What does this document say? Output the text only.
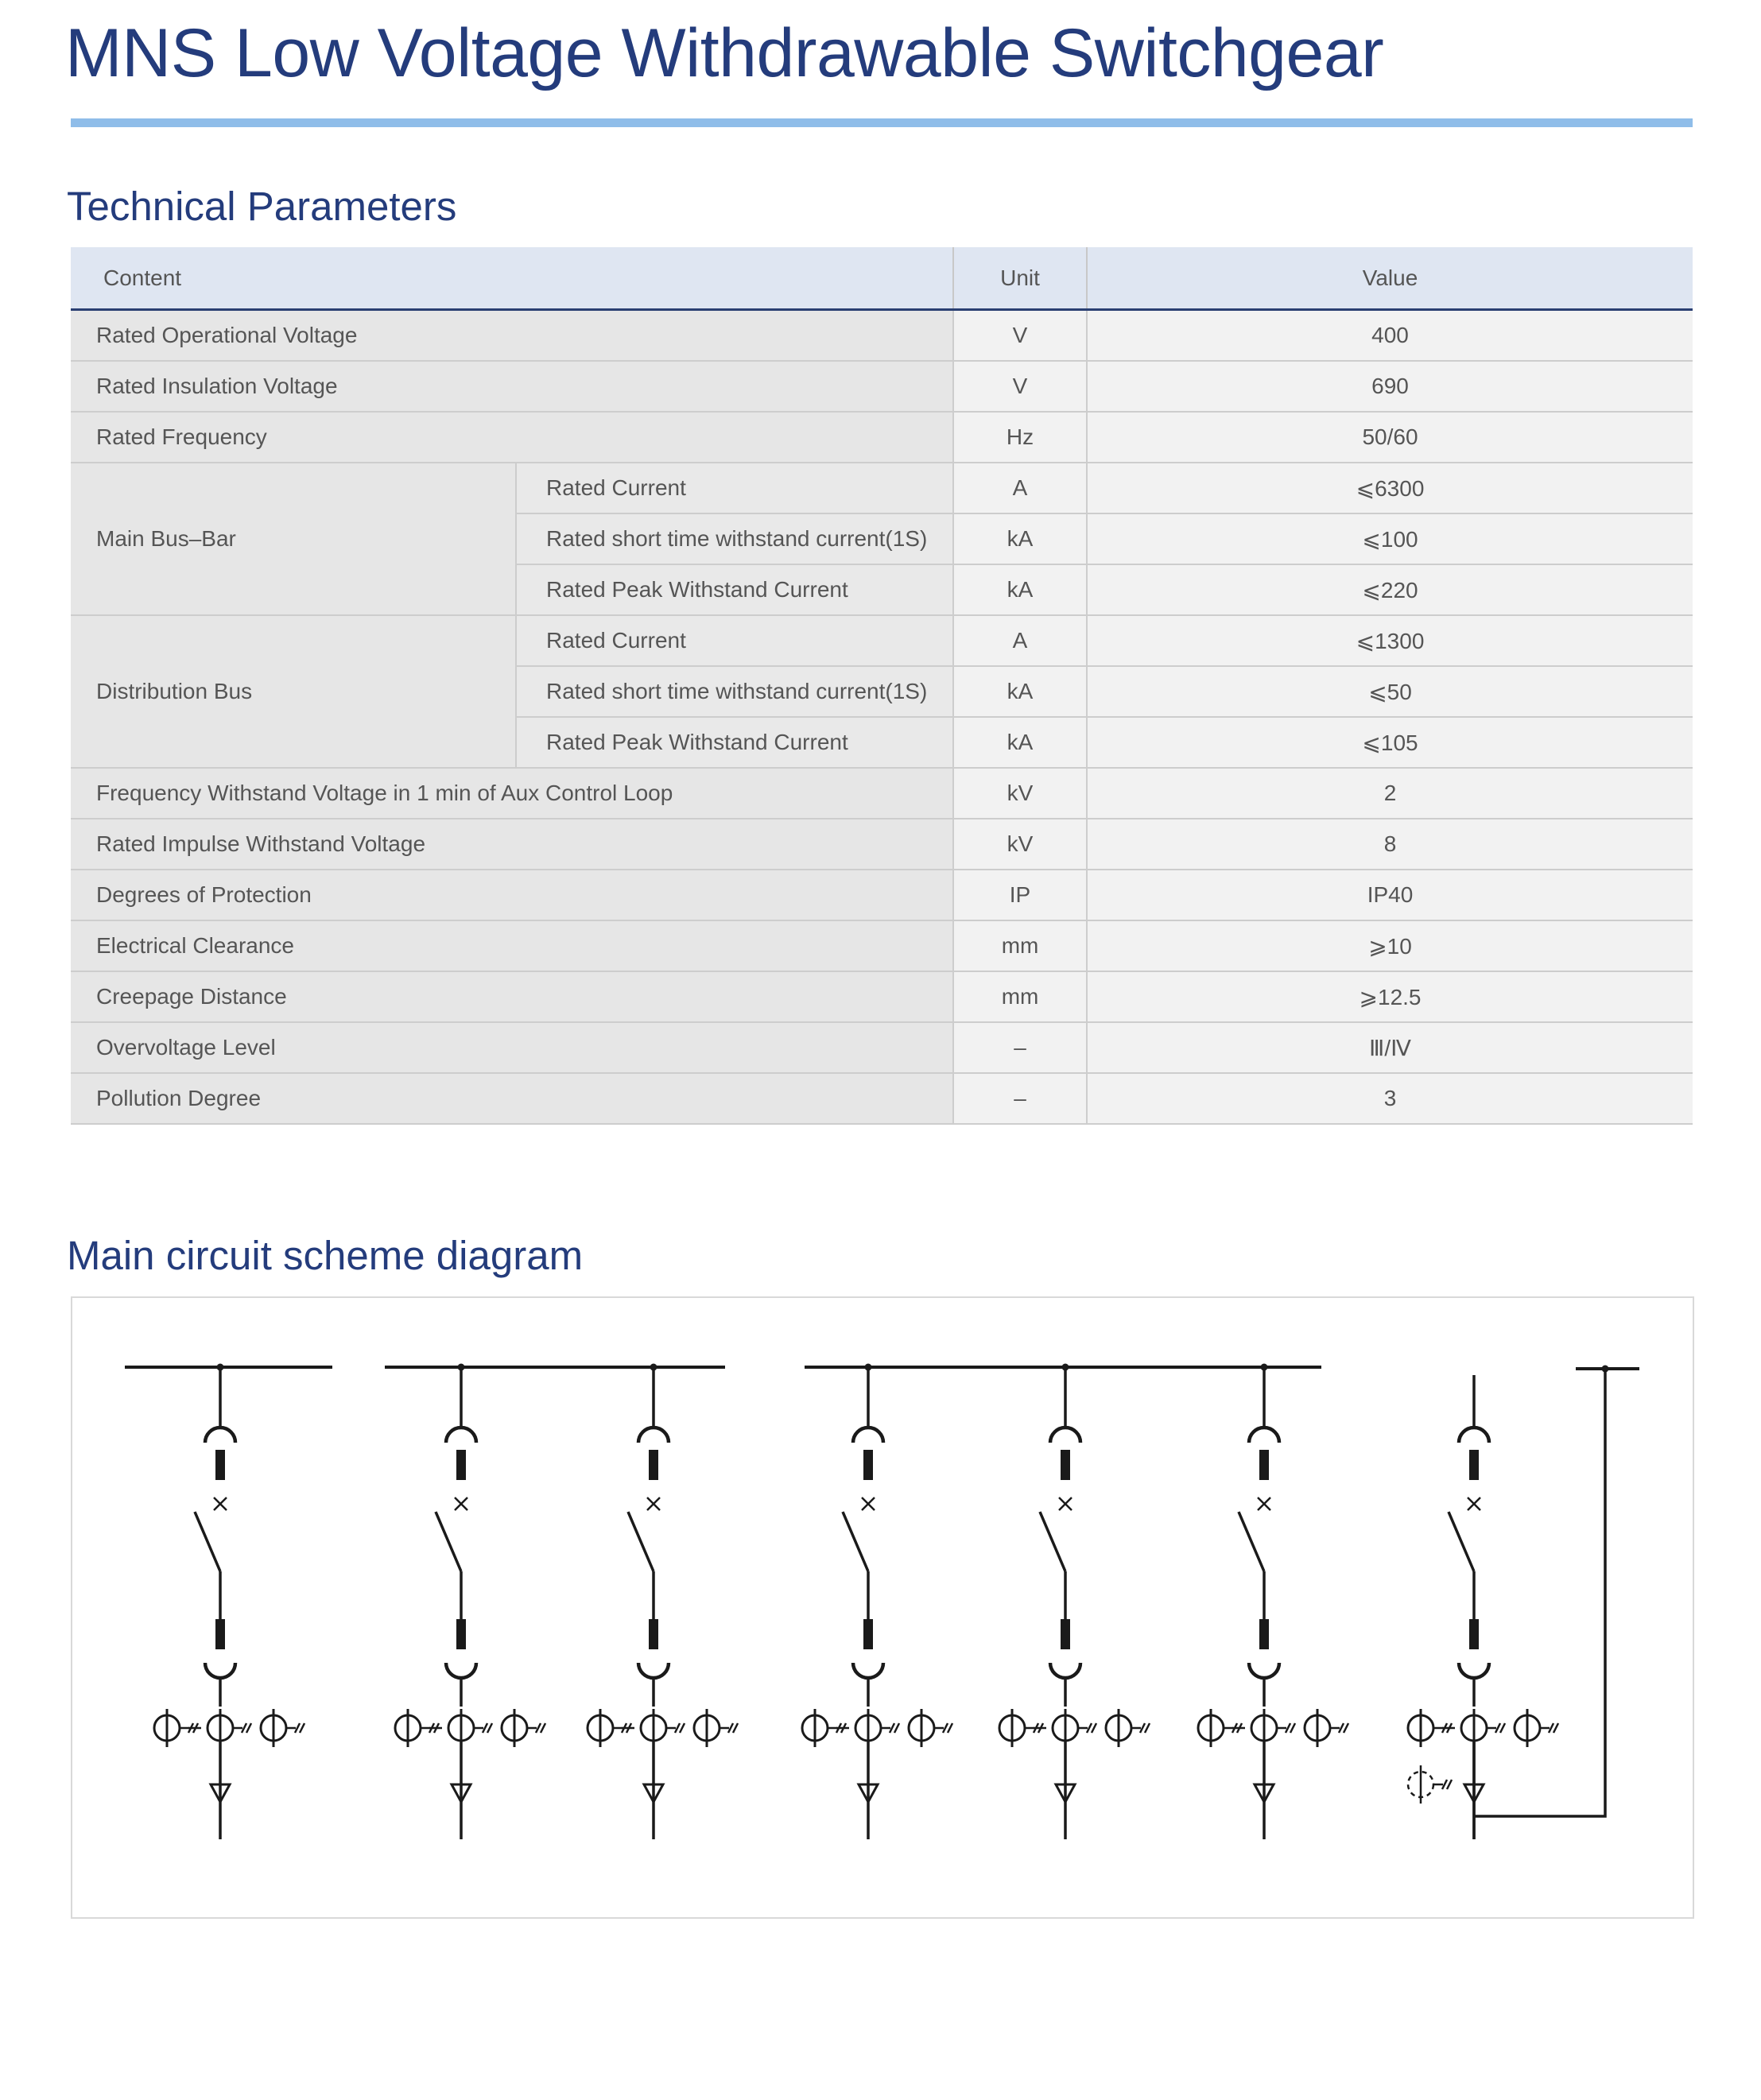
MNS Low Voltage Withdrawable Switchgear
Technical Parameters
Content		Unit	Value
Rated Operational Voltage		V	400
Rated Insulation Voltage		V	690
Rated Frequency		Hz	50/60
Main Bus–Bar	Rated Current	A	⩽6300
	Rated short time withstand current(1S)	kA	⩽100
	Rated Peak Withstand Current	kA	⩽220
Distribution Bus	Rated Current	A	⩽1300
	Rated short time withstand current(1S)	kA	⩽50
	Rated Peak Withstand Current	kA	⩽105
Frequency Withstand Voltage in 1 min of Aux Control Loop		kV	2
Rated Impulse Withstand Voltage		kV	8
Degrees of Protection		IP	IP40
Electrical Clearance		mm	⩾10
Creepage Distance		mm	⩾12.5
Overvoltage Level		–	Ⅲ/Ⅳ
Pollution Degree		–	3
Main circuit scheme diagram
